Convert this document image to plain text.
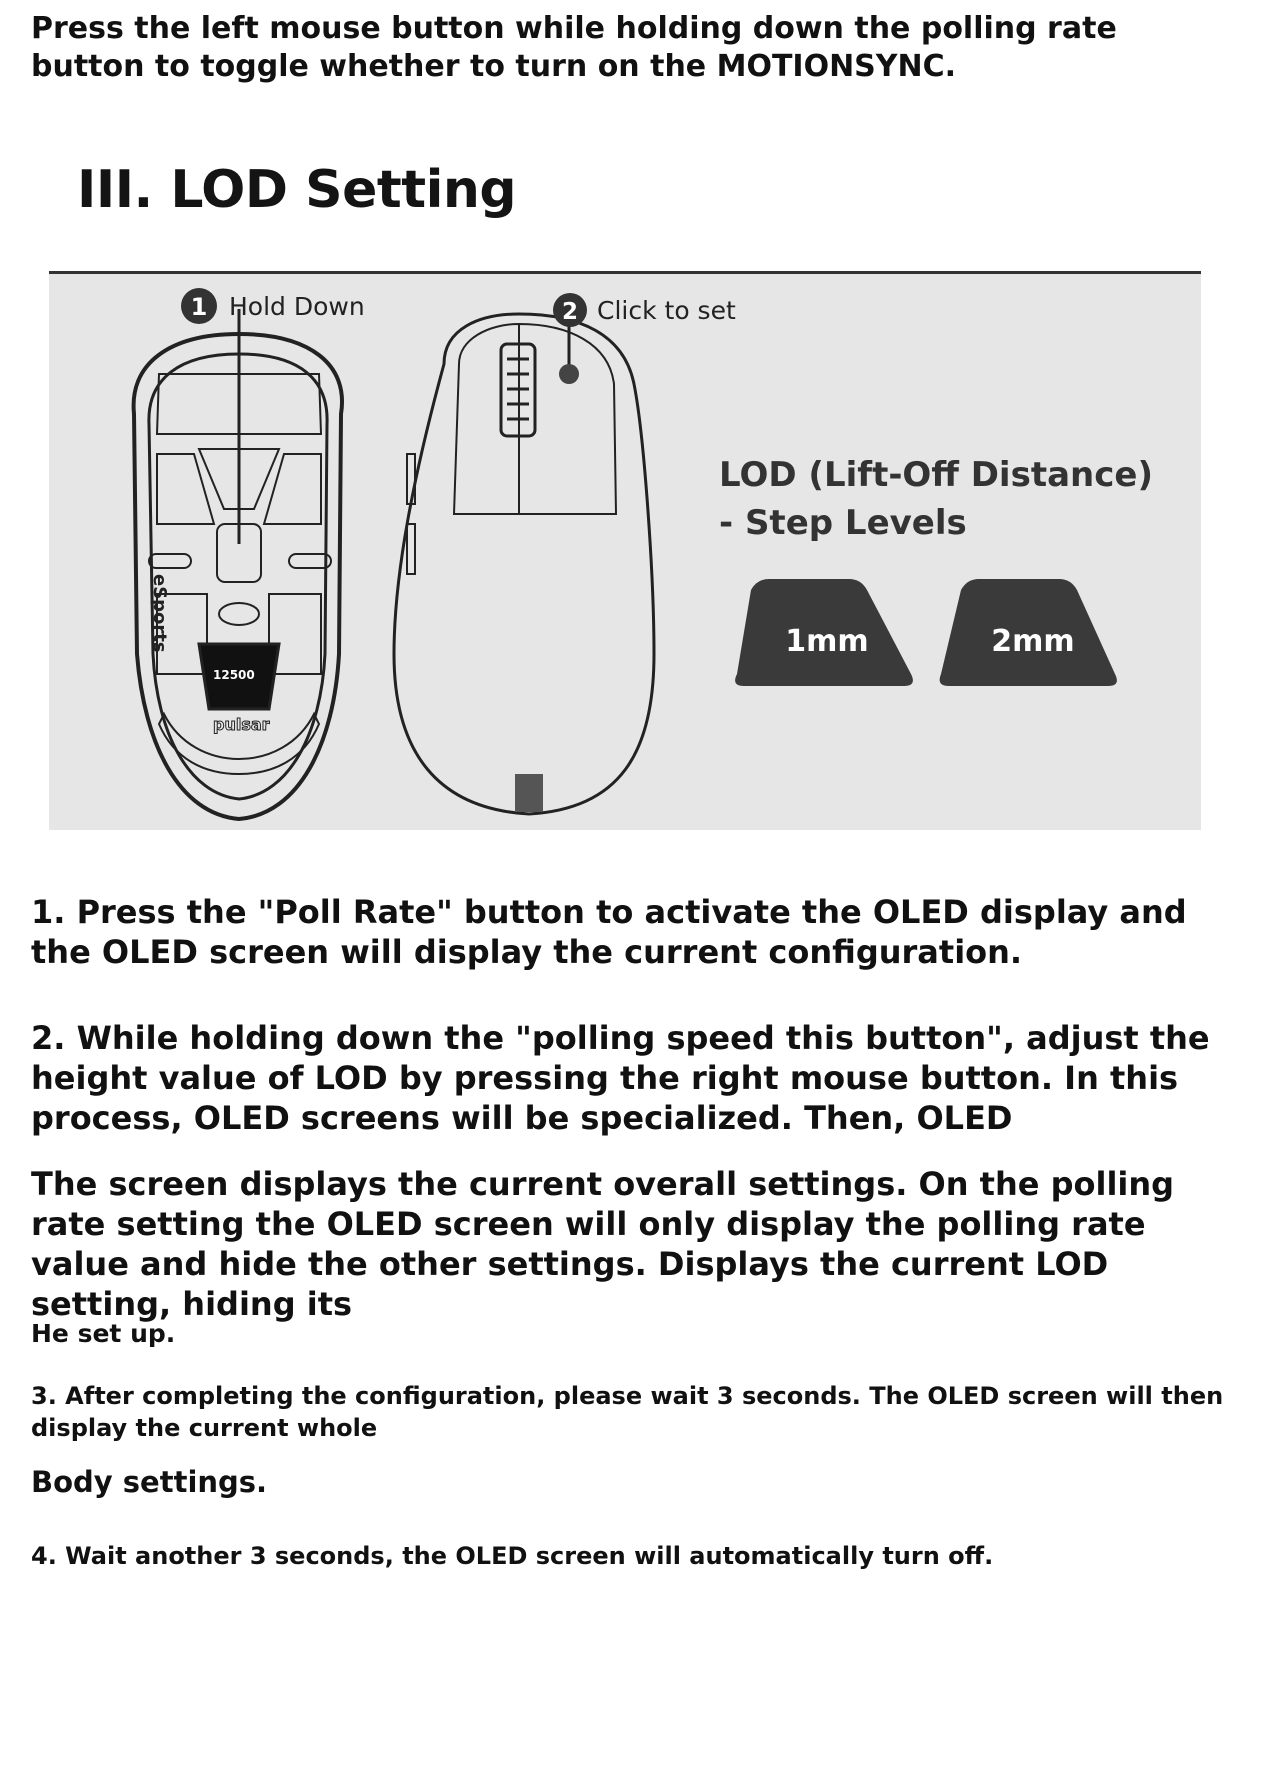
Press the left mouse button while holding down the polling rate button to toggle whether to turn on the MOTIONSYNC.

III. LOD Setting
eSports
12500
pulsar
1 Hold Down	2 Click to set
LOD (Lift-Off Distance)
- Step Levels
1mm	2mm

1. Press the "Poll Rate" button to activate the OLED display and the OLED screen will display the current configuration.

2. While holding down the "polling speed this button", adjust the height value of LOD by pressing the right mouse button. In this process, OLED screens will be specialized. Then, OLED

The screen displays the current overall settings. On the polling rate setting the OLED screen will only display the polling rate value and hide the other settings. Displays the current LOD setting, hiding its

He set up.

3. After completing the configuration, please wait 3 seconds. The OLED screen will then display the current whole

Body settings.

4. Wait another 3 seconds, the OLED screen will automatically turn off.
